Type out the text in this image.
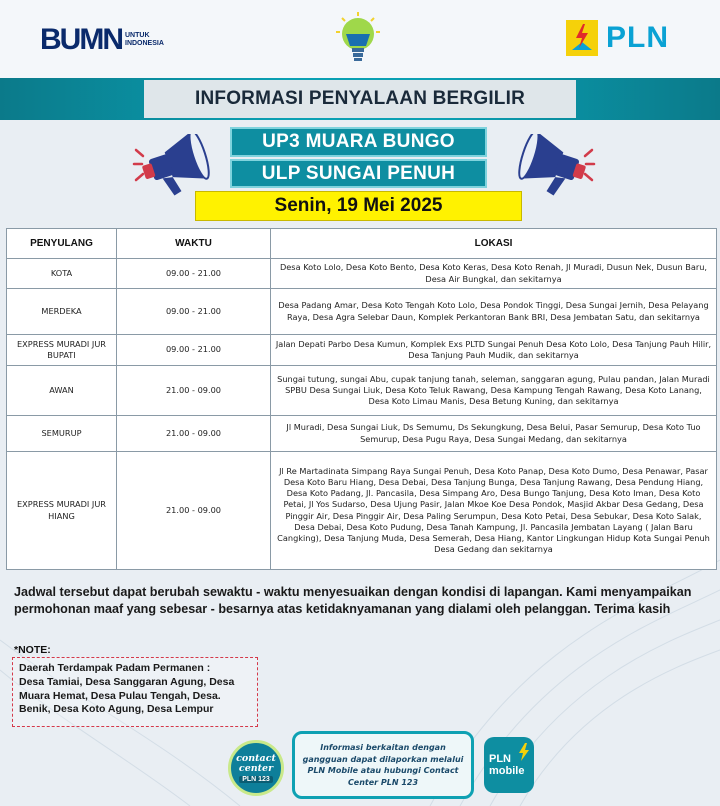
BUMN UNTUK INDONESIA	PLN
INFORMASI PENYALAAN BERGILIR
UP3 MUARA BUNGO
ULP SUNGAI PENUH
Senin, 19 Mei 2025
PENYULANG	WAKTU	LOKASI
KOTA	09.00 - 21.00	Desa Koto Lolo, Desa Koto Bento, Desa Koto Keras, Desa Koto Renah, Jl Muradi, Dusun Nek, Dusun Baru, Desa Air Bungkal, dan sekitarnya
MERDEKA	09.00 - 21.00	Desa Padang Amar, Desa Koto Tengah Koto Lolo, Desa Pondok Tinggi, Desa Sungai Jernih, Desa Pelayang Raya, Desa Agra Selebar Daun, Komplek Perkantoran Bank BRI, Desa Jembatan Satu, dan sekitarnya
EXPRESS MURADI JUR BUPATI	09.00 - 21.00	Jalan Depati Parbo Desa Kumun, Komplek Exs PLTD Sungai Penuh Desa Koto Lolo, Desa Tanjung Pauh Hilir, Desa Tanjung Pauh Mudik, dan sekitarnya
AWAN	21.00 - 09.00	Sungai tutung, sungai Abu, cupak tanjung tanah, seleman, sanggaran agung, Pulau pandan, Jalan Muradi SPBU Desa Sungai Liuk, Desa Koto Teluk Rawang, Desa Kampung Tengah Rawang, Desa Koto Lanang, Desa Koto Limau Manis, Desa Betung Kuning, dan sekitarnya
SEMURUP	21.00 - 09.00	Jl Muradi, Desa Sungai Liuk, Ds Semumu, Ds Sekungkung, Desa Belui, Pasar Semurup, Desa Koto Tuo Semurup, Desa Pugu Raya, Desa Sungai Medang, dan sekitarnya
EXPRESS MURADI JUR HIANG	21.00 - 09.00	Jl Re Martadinata Simpang Raya Sungai Penuh, Desa Koto Panap, Desa Koto Dumo, Desa Penawar, Pasar Desa Koto Baru Hiang, Desa Debai, Desa Tanjung Bunga, Desa Tanjung Rawang, Desa Pendung Hiang, Desa Koto Padang, Jl. Pancasila, Desa Simpang Aro, Desa Bungo Tanjung, Desa Koto Iman, Desa Koto Petai, Jl Yos Sudarso, Desa Ujung Pasir, Jalan Mkoe Koe Desa Pondok, Masjid Akbar Desa Gedang, Desa Pinggir Air, Desa Pinggir Air, Desa Paling Serumpun, Desa Koto Petai, Desa Sebukar, Desa Koto Salak, Desa Debai, Desa Koto Pudung, Desa Tanah Kampung, Jl. Pancasila Jembatan Layang ( Jalan Baru Cangking), Desa Tanjung Muda, Desa Semerah, Desa Hiang, Kantor Lingkungan Hidup Kota Sungai Penuh Desa Gedang dan sekitarnya
Jadwal tersebut dapat berubah sewaktu - waktu menyesuaikan dengan kondisi di lapangan. Kami menyampaikan permohonan maaf yang sebesar - besarnya atas ketidaknyamanan yang dialami oleh pelanggan. Terima kasih
*NOTE:
Daerah Terdampak Padam Permanen :
Desa Tamiai, Desa Sanggaran Agung, Desa Muara Hemat, Desa Pulau Tengah, Desa. Benik, Desa Koto Agung, Desa Lempur
contact
center
PLN 123
Informasi berkaitan dengan gangguan dapat dilaporkan melalui PLN Mobile atau hubungi Contact Center PLN 123
PLN
mobile
